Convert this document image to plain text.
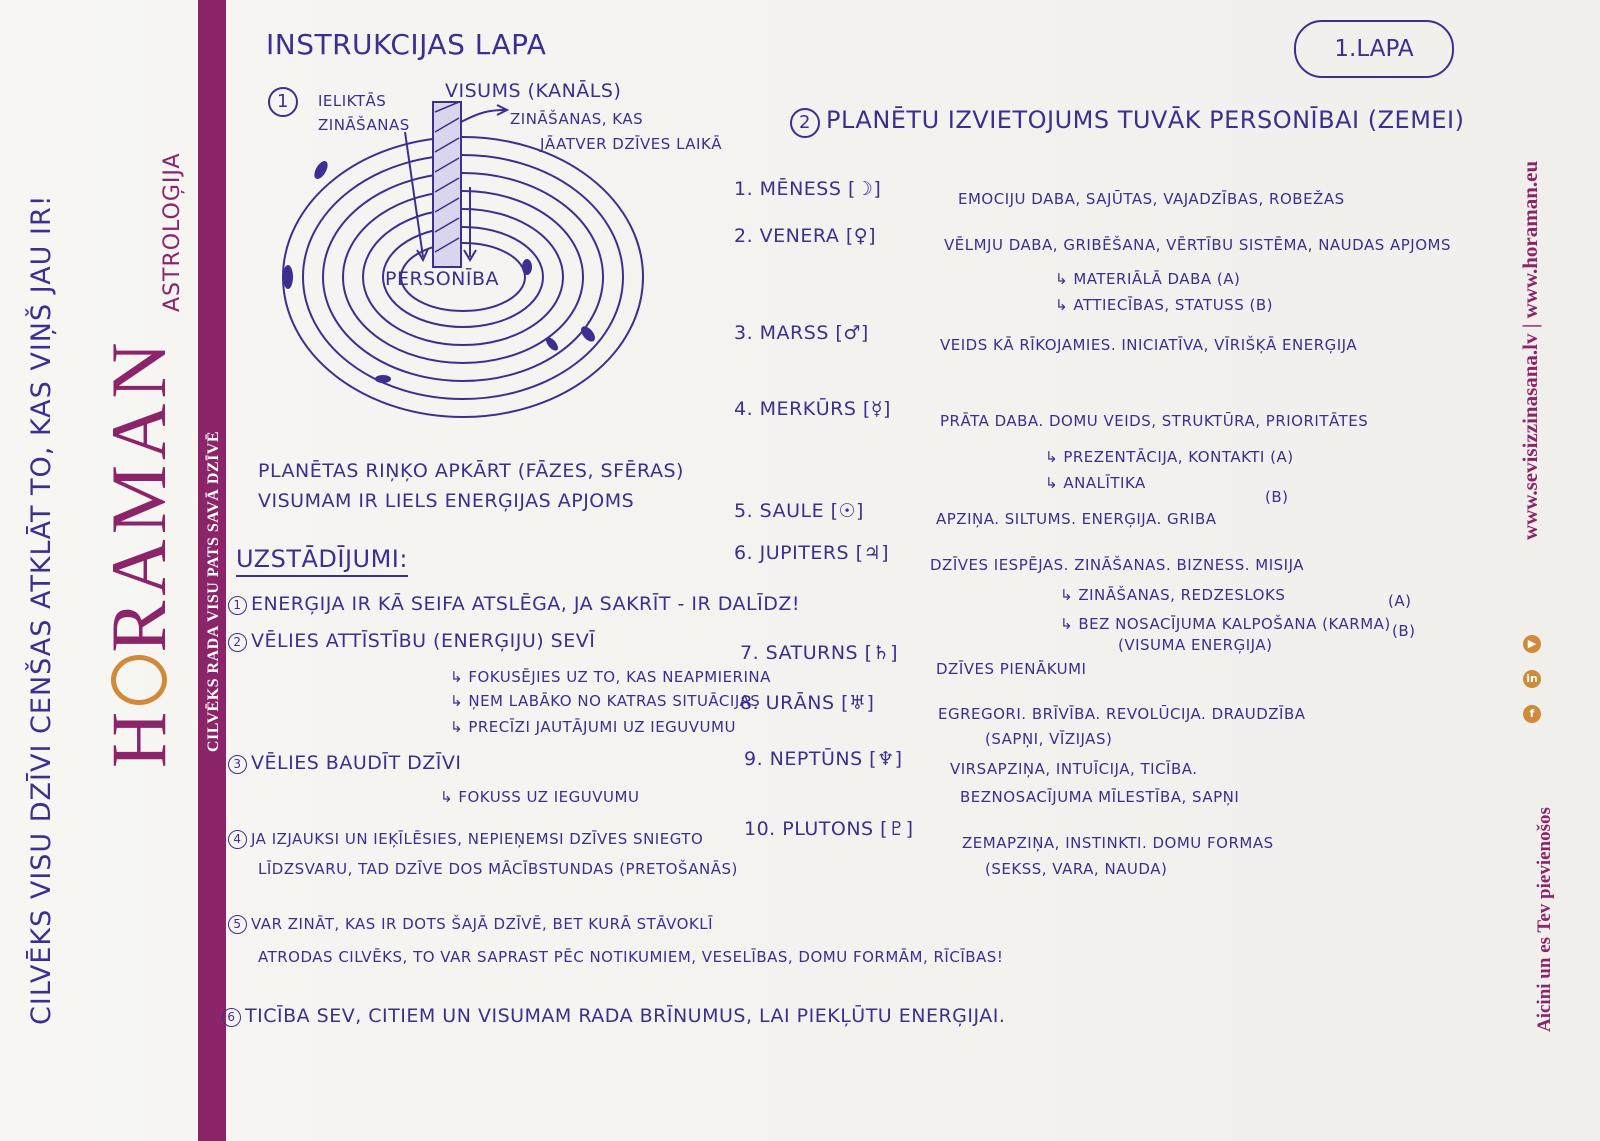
CILVĒKS VISU DZĪVI CENŠAS ATKLĀT TO, KAS VIŅŠ JAU IR! HRAMAN CILVĒKS RADA VISU PATS SAVĀ DZĪVĒ
ASTROLOĢIJA	www.sevisizzinasana.lv | www.horaman.eu
Aicini un es Tev pievienošos
▶
in
f
INSTRUKCIJAS LAPA	1.LAPA
1	IELIKTĀS
ZINĀŠANAS
VISUMS (KANĀLS)
ZINĀŠANAS, KAS
JĀATVER DZĪVES LAIKĀ
PERSONĪBA
PLANĒTAS RIŅĶO APKĀRT (FĀZES, SFĒRAS)
VISUMAM IR LIELS ENERĢIJAS APJOMS
UZSTĀDĪJUMI:
1 ENERĢIJA IR KĀ SEIFA ATSLĒGA, JA SAKRĪT - IR DALĪDZ!
2 VĒLIES ATTĪSTĪBU (ENERĢIJU) SEVĪ
↳ FOKUSĒJIES UZ TO, KAS NEAPMIERINA
↳ ŅEM LABĀKO NO KATRAS SITUĀCIJAS
↳ PRECĪZI JAUTĀJUMI UZ IEGUVUMU
3 VĒLIES BAUDĪT DZĪVI
↳ FOKUSS UZ IEGUVUMU
4 JA IZJAUKSI UN IEĶĪLĒSIES, NEPIEŅEMSI DZĪVES SNIEGTO
LĪDZSVARU, TAD DZĪVE DOS MĀCĪBSTUNDAS (PRETOŠANĀS)
5 VAR ZINĀT, KAS IR DOTS ŠAJĀ DZĪVĒ, BET KURĀ STĀVOKLĪ
ATRODAS CILVĒKS, TO VAR SAPRAST PĒC NOTIKUMIEM, VESELĪBAS, DOMU FORMĀM, RĪCĪBAS!
6 TICĪBA SEV, CITIEM UN VISUMAM RADA BRĪNUMUS, LAI PIEKĻŪTU ENERĢIJAI.
2 PLANĒTU IZVIETOJUMS TUVĀK PERSONĪBAI (ZEMEI)
1. MĒNESS [☽]	EMOCIJU DABA, SAJŪTAS, VAJADZĪBAS, ROBEŽAS
2. VENERA [♀]	VĒLMJU DABA, GRIBĒŠANA, VĒRTĪBU SISTĒMA, NAUDAS APJOMS
↳ MATERIĀLĀ DABA (A)
↳ ATTIECĪBAS, STATUSS (B)
3. MARSS [♂]
VEIDS KĀ RĪKOJAMIES. INICIATĪVA, VĪRIŠĶĀ ENERĢIJA
4. MERKŪRS [☿]
PRĀTA DABA. DOMU VEIDS, STRUKTŪRA, PRIORITĀTES
↳ PREZENTĀCIJA, KONTAKTI (A)
↳ ANALĪTIKA
(B)
5. SAULE [☉]	APZIŅA. SILTUMS. ENERĢIJA. GRIBA
6. JUPITERS [♃]
DZĪVES IESPĒJAS. ZINĀŠANAS. BIZNESS. MISIJA
↳ ZINĀŠANAS, REDZESLOKS	(A)
↳ BEZ NOSACĪJUMA KALPOŠANA (KARMA) (B)
(VISUMA ENERĢIJA)
7. SATURNS [♄]
DZĪVES PIENĀKUMI
8. URĀNS [♅]	EGREGORI. BRĪVĪBA. REVOLŪCIJA. DRAUDZĪBA
(SAPŅI, VĪZIJAS)
9. NEPTŪNS [♆]	VIRSAPZIŅA, INTUĪCIJA, TICĪBA.
BEZNOSACĪJUMA MĪLESTĪBA, SAPŅI
10. PLUTONS [♇]
ZEMAPZIŅA, INSTINKTI. DOMU FORMAS
(SEKSS, VARA, NAUDA)
